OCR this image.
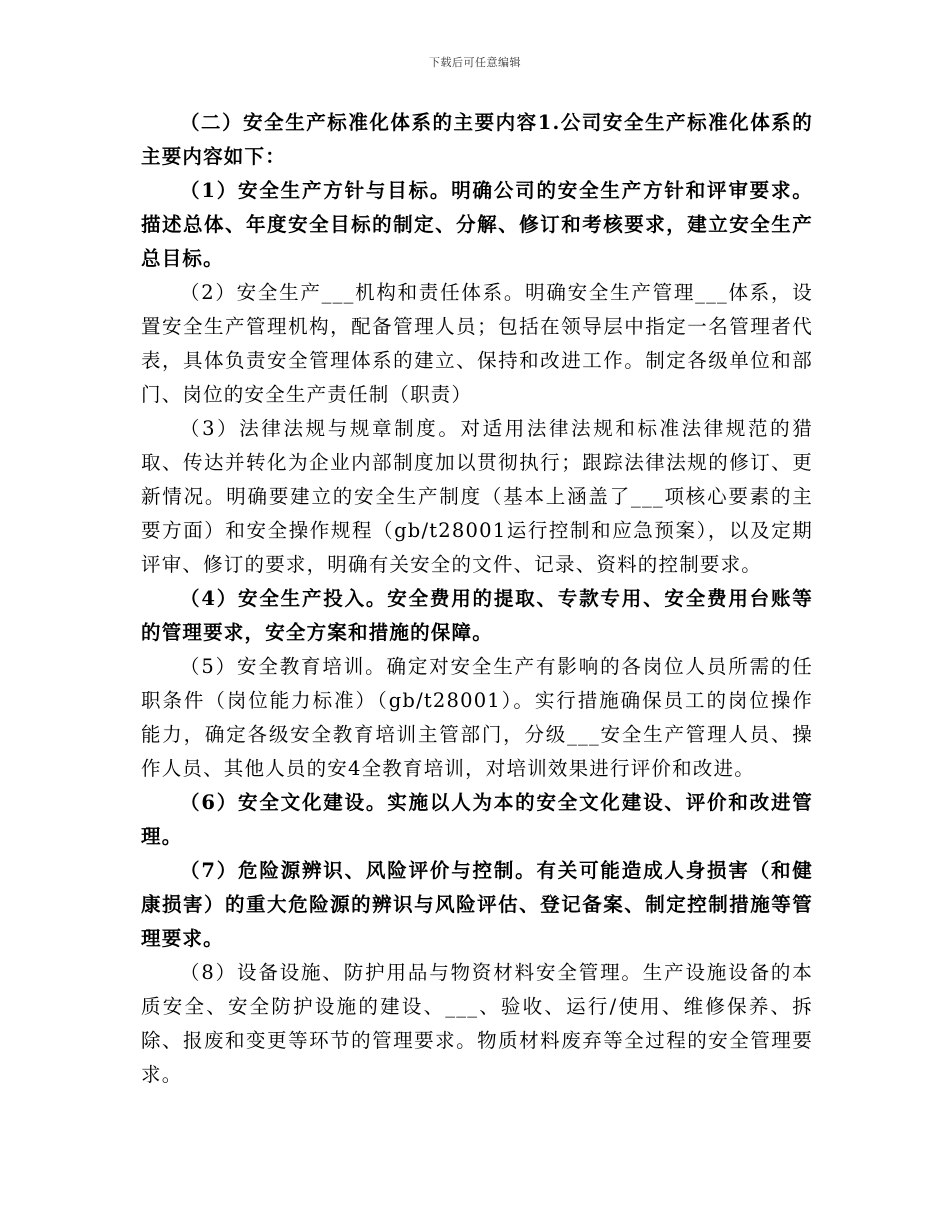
下载后可任意编辑

（二）安全生产标准化体系的主要内容1.公司安全生产标准化体系的主要内容如下：

（1）安全生产方针与目标。明确公司的安全生产方针和评审要求。描述总体、年度安全目标的制定、分解、修订和考核要求，建立安全生产总目标。

（2）安全生产___机构和责任体系。明确安全生产管理___体系，设置安全生产管理机构，配备管理人员；包括在领导层中指定一名管理者代表，具体负责安全管理体系的建立、保持和改进工作。制定各级单位和部门、岗位的安全生产责任制（职责）

（3）法律法规与规章制度。对适用法律法规和标准法律规范的猎取、传达并转化为企业内部制度加以贯彻执行；跟踪法律法规的修订、更新情况。明确要建立的安全生产制度（基本上涵盖了___项核心要素的主要方面）和安全操作规程（gb/t28001运行控制和应急预案），以及定期评审、修订的要求，明确有关安全的文件、记录、资料的控制要求。

（4）安全生产投入。安全费用的提取、专款专用、安全费用台账等的管理要求，安全方案和措施的保障。

（5）安全教育培训。确定对安全生产有影响的各岗位人员所需的任职条件（岗位能力标准）（gb/t28001）。实行措施确保员工的岗位操作能力，确定各级安全教育培训主管部门，分级___安全生产管理人员、操作人员、其他人员的安4全教育培训，对培训效果进行评价和改进。

（6）安全文化建设。实施以人为本的安全文化建设、评价和改进管理。

（7）危险源辨识、风险评价与控制。有关可能造成人身损害（和健康损害）的重大危险源的辨识与风险评估、登记备案、制定控制措施等管理要求。

（8）设备设施、防护用品与物资材料安全管理。生产设施设备的本质安全、安全防护设施的建设、___、验收、运行/使用、维修保养、拆除、报废和变更等环节的管理要求。物质材料废弃等全过程的安全管理要求。
